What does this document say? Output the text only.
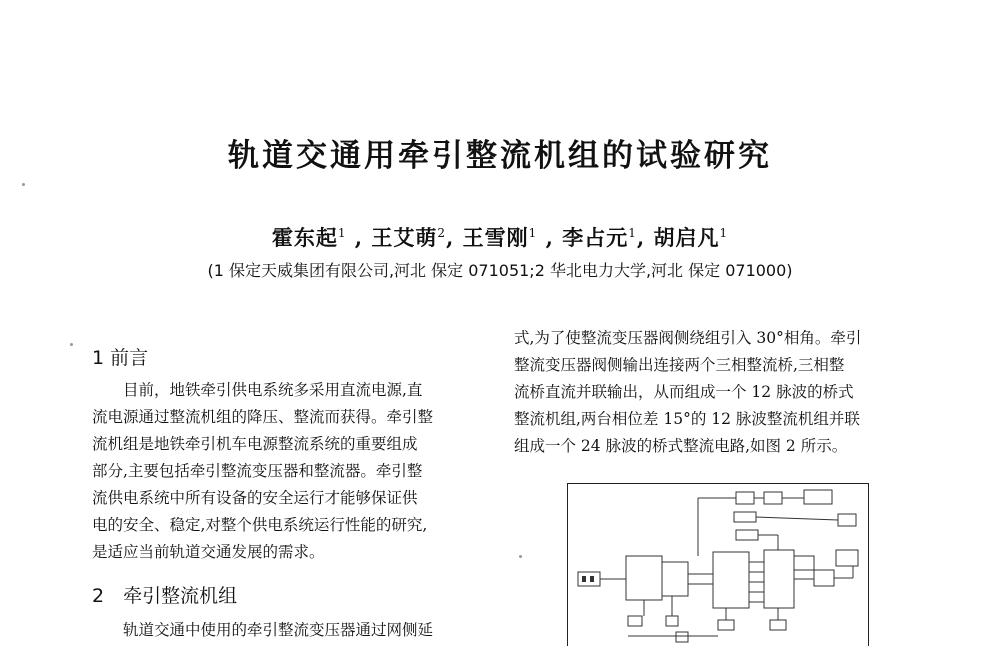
轨道交通用牵引整流机组的试验研究
霍东起$^1$ , 王艾萌$^2$, 王雪刚$^1$ , 李占元$^1$, 胡启凡$^1$
(1 保定天威集团有限公司,河北 保定 071051;2 华北电力大学,河北 保定 071000)
1 前言

目前，地铁牵引供电系统多采用直流电源,直

流电源通过整流机组的降压、整流而获得。牵引整

流机组是地铁牵引机车电源整流系统的重要组成

部分,主要包括牵引整流变压器和整流器。牵引整

流供电系统中所有设备的安全运行才能够保证供

电的安全、稳定,对整个供电系统运行性能的研究,

是适应当前轨道交通发展的需求。

2　牵引整流机组

轨道交通中使用的牵引整流变压器通过网侧延

式,为了使整流变压器阀侧绕组引入 30°相角。牵引

整流变压器阀侧输出连接两个三相整流桥,三相整

流桥直流并联输出，从而组成一个 12 脉波的桥式

整流机组,两台相位差 15°的 12 脉波整流机组并联

组成一个 24 脉波的桥式整流电路,如图 2 所示。
